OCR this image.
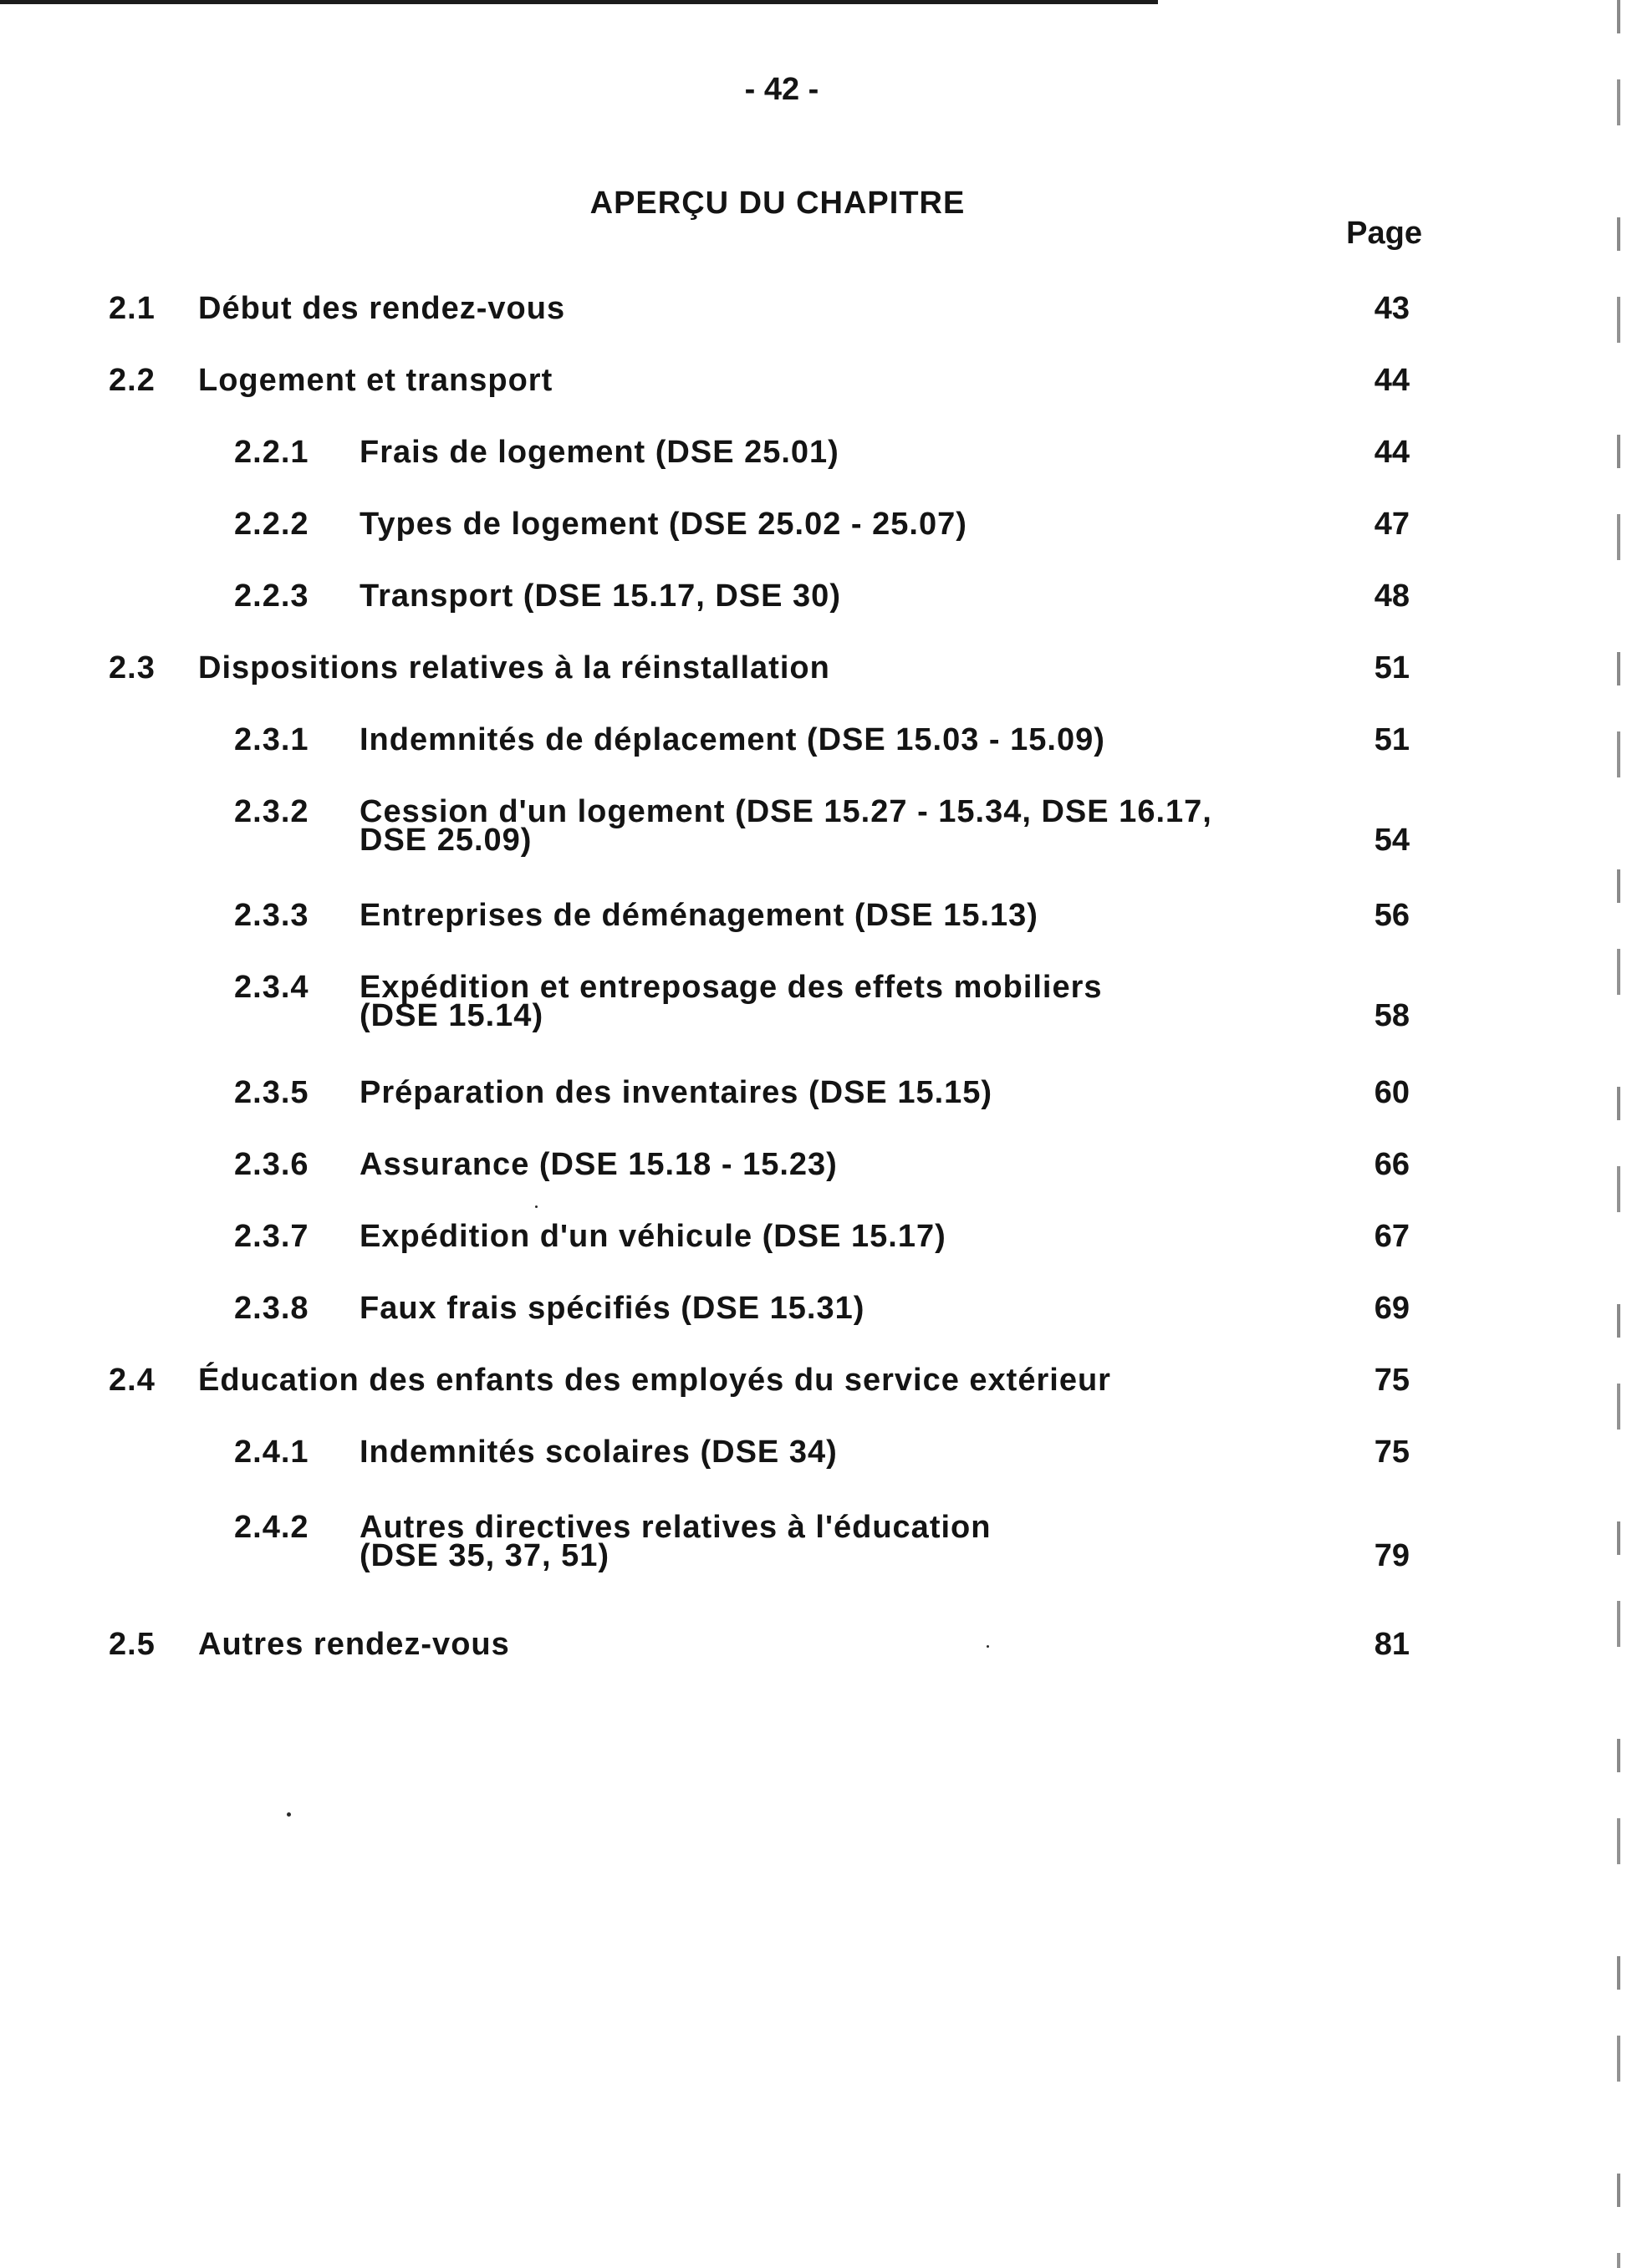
- 42 -
APERÇU DU CHAPITRE
Page
2.1 Début des rendez-vous	43
2.2 Logement et transport	44
2.2.1 Frais de logement (DSE 25.01)	44
2.2.2 Types de logement (DSE 25.02 - 25.07)	47
2.2.3 Transport (DSE 15.17, DSE 30)	48
2.3 Dispositions relatives à la réinstallation	51
2.3.1 Indemnités de déplacement (DSE 15.03 - 15.09)	51
2.3.2 Cession d'un logement (DSE 15.27 - 15.34, DSE 16.17,
DSE 25.09)	54
2.3.3 Entreprises de déménagement (DSE 15.13)	56
2.3.4 Expédition et entreposage des effets mobiliers
(DSE 15.14)	58
2.3.5 Préparation des inventaires (DSE 15.15)	60
2.3.6 Assurance (DSE 15.18 - 15.23)	66
2.3.7 Expédition d'un véhicule (DSE 15.17)	67
2.3.8 Faux frais spécifiés (DSE 15.31)	69
2.4 Éducation des enfants des employés du service extérieur	75
2.4.1 Indemnités scolaires (DSE 34)	75
2.4.2 Autres directives relatives à l'éducation
(DSE 35, 37, 51)	79
2.5 Autres rendez-vous	81
